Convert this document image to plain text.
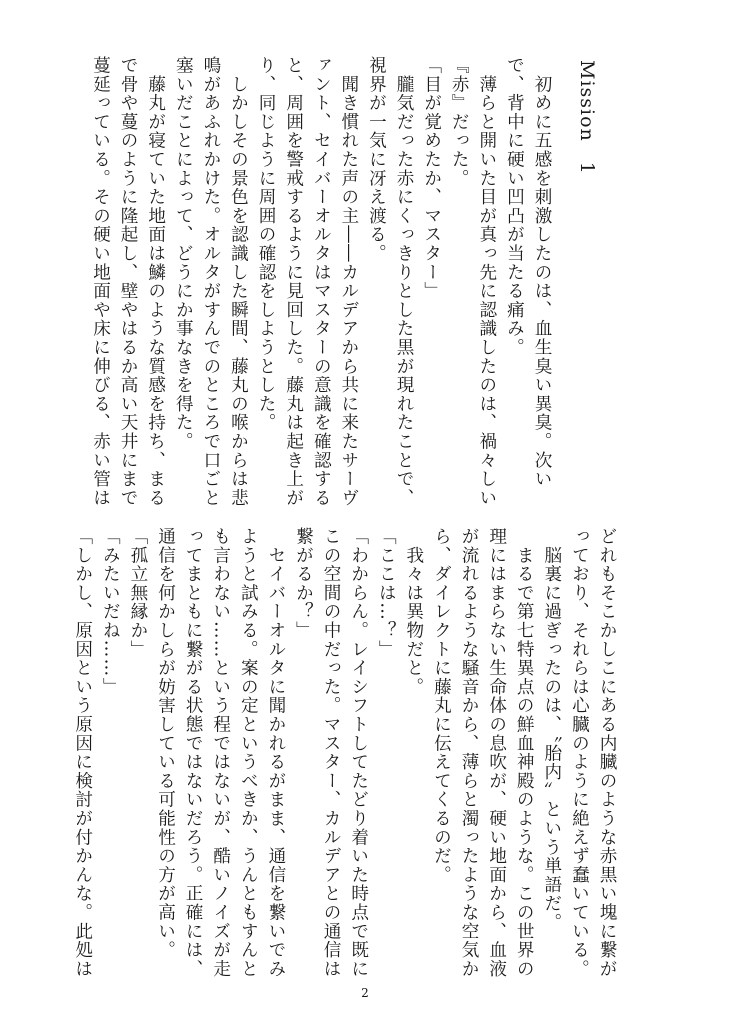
Mission　1

　初めに五感を刺激したのは、血生臭い異臭。次いで、背中に硬い凹凸が当たる痛み。

　薄らと開いた目が真っ先に認識したのは、禍々しい『赤』だった。

「目が覚めたか、マスター」

　朧気だった赤にくっきりとした黒が現れたことで、視界が一気に冴え渡る。

　聞き慣れた声の主――カルデアから共に来たサーヴァント、セイバーオルタはマスターの意識を確認すると、周囲を警戒するように見回した。藤丸は起き上がり、同じように周囲の確認をしようとした。

　しかしその景色を認識した瞬間、藤丸の喉からは悲鳴があふれかけた。オルタがすんでのところで口ごと塞いだことによって、どうにか事なきを得た。

　藤丸が寝ていた地面は鱗のような質感を持ち、まるで骨や蔓のように隆起し、壁やはるか高い天井にまで蔓延っている。その硬い地面や床に伸びる、赤い管は

どれもそこかしこにある内臓のような赤黒い塊に繋がっており、それらは心臓のように絶えず蠢いている。

　脳裏に過ぎったのは、〝胎内〟という単語だ。

　まるで第七特異点の鮮血神殿のような。この世界の理にはまらない生命体の息吹が、硬い地面から、血液が流れるような騒音から、薄らと濁ったような空気から、ダイレクトに藤丸に伝えてくるのだ。

　我々は異物だと。

「ここは…？」

「わからん。レイシフトしてたどり着いた時点で既にこの空間の中だった。マスター、カルデアとの通信は繋がるか？」

　セイバーオルタに聞かれるがまま、通信を繋いでみようと試みる。案の定というべきか、うんともすんとも言わない……という程ではないが、酷いノイズが走ってまともに繋がる状態ではないだろう。正確には、通信を何かしらが妨害している可能性の方が高い。

「孤立無縁か」

「みたいだね……」

「しかし、原因という原因に検討が付かんな。此処は

2
